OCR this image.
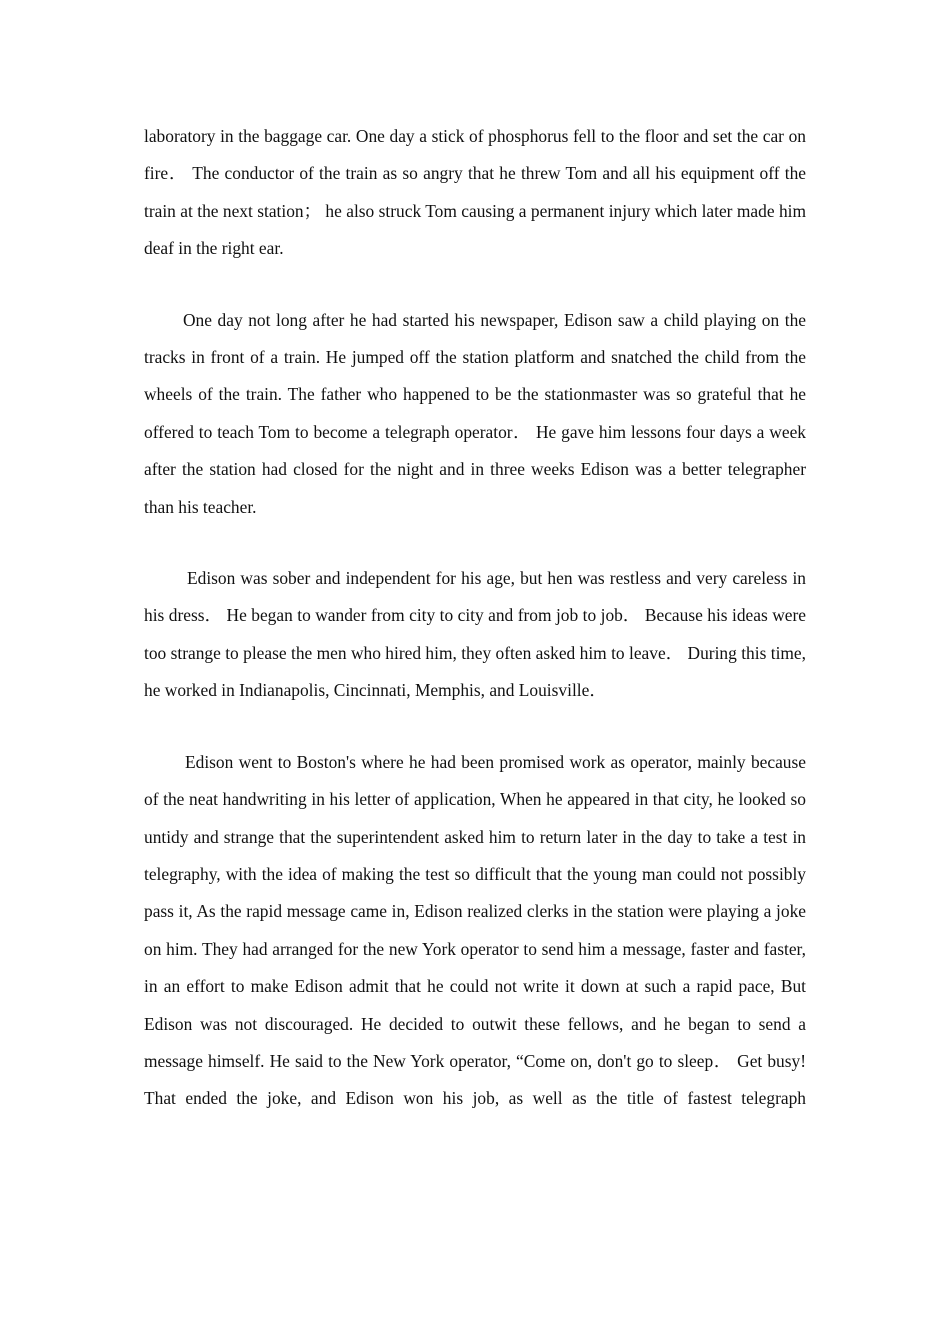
laboratory in the baggage car. One day a stick of phosphorus fell to the floor and set the car on fire． The conductor of the train as so angry that he threw Tom and all his equipment off the train at the next station； he also struck Tom causing a permanent injury which later made him deaf in the right ear.

One day not long after he had started his newspaper, Edison saw a child playing on the tracks in front of a train. He jumped off the station platform and snatched the child from the wheels of the train. The father who happened to be the stationmaster was so grateful that he offered to teach Tom to become a telegraph operator． He gave him lessons four days a week after the station had closed for the night and in three weeks Edison was a better telegrapher than his teacher.

Edison was sober and independent for his age, but hen was restless and very careless in his dress． He began to wander from city to city and from job to job． Because his ideas were too strange to please the men who hired him, they often asked him to leave． During this time, he worked in Indianapolis, Cincinnati, Memphis, and Louisville．

Edison went to Boston's where he had been promised work as operator, mainly because of the neat handwriting in his letter of application, When he appeared in that city, he looked so untidy and strange that the superintendent asked him to return later in the day to take a test in telegraphy, with the idea of making the test so difficult that the young man could not possibly pass it, As the rapid message came in, Edison realized clerks in the station were playing a joke on him. They had arranged for the new York operator to send him a message, faster and faster, in an effort to make Edison admit that he could not write it down at such a rapid pace, But Edison was not discouraged. He decided to outwit these fellows, and he began to send a message himself. He said to the New York operator, “Come on, don't go to sleep． Get busy! That ended the joke, and Edison won his job, as well as the title of fastest telegraph
